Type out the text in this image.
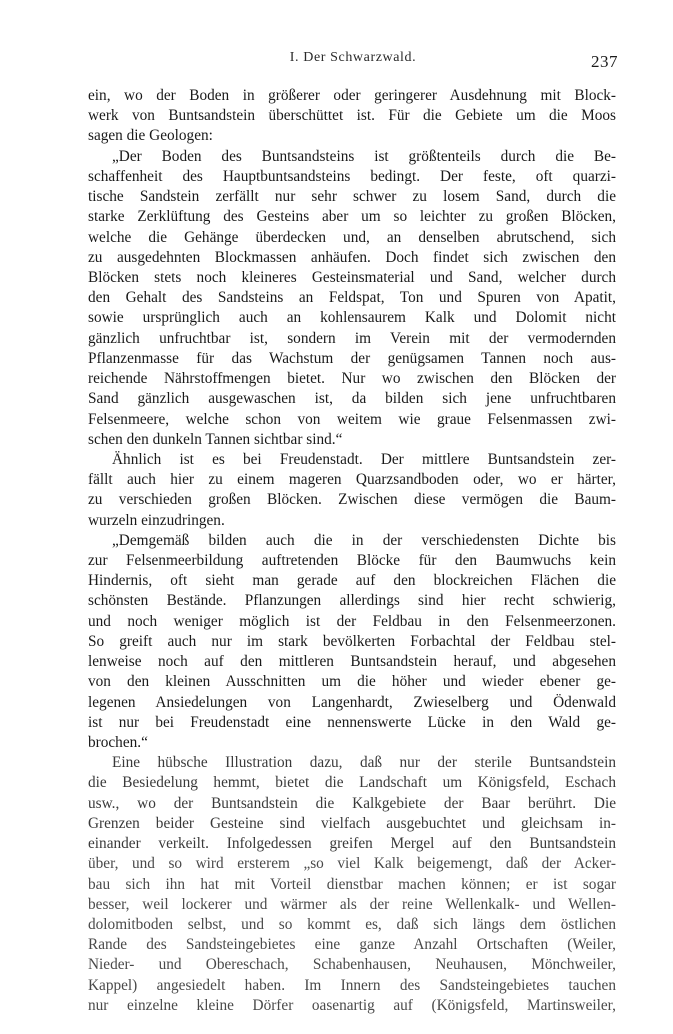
I. Der Schwarzwald.	237
ein, wo der Boden in größerer oder geringerer Ausdehnung mit Block-
werk von Buntsandstein überschüttet ist. Für die Gebiete um die Moos
sagen die Geologen:
„Der Boden des Buntsandsteins ist größtenteils durch die Be-
schaffenheit des Hauptbuntsandsteins bedingt. Der feste, oft quarzi-
tische Sandstein zerfällt nur sehr schwer zu losem Sand, durch die
starke Zerklüftung des Gesteins aber um so leichter zu großen Blöcken,
welche die Gehänge überdecken und, an denselben abrutschend, sich
zu ausgedehnten Blockmassen anhäufen. Doch findet sich zwischen den
Blöcken stets noch kleineres Gesteinsmaterial und Sand, welcher durch
den Gehalt des Sandsteins an Feldspat, Ton und Spuren von Apatit,
sowie ursprünglich auch an kohlensaurem Kalk und Dolomit nicht
gänzlich unfruchtbar ist, sondern im Verein mit der vermodernden
Pflanzenmasse für das Wachstum der genügsamen Tannen noch aus-
reichende Nährstoffmengen bietet. Nur wo zwischen den Blöcken der
Sand gänzlich ausgewaschen ist, da bilden sich jene unfruchtbaren
Felsenmeere, welche schon von weitem wie graue Felsenmassen zwi-
schen den dunkeln Tannen sichtbar sind.“
Ähnlich ist es bei Freudenstadt. Der mittlere Buntsandstein zer-
fällt auch hier zu einem mageren Quarzsandboden oder, wo er härter,
zu verschieden großen Blöcken. Zwischen diese vermögen die Baum-
wurzeln einzudringen.
„Demgemäß bilden auch die in der verschiedensten Dichte bis
zur Felsenmeerbildung auftretenden Blöcke für den Baumwuchs kein
Hindernis, oft sieht man gerade auf den blockreichen Flächen die
schönsten Bestände. Pflanzungen allerdings sind hier recht schwierig,
und noch weniger möglich ist der Feldbau in den Felsenmeerzonen.
So greift auch nur im stark bevölkerten Forbachtal der Feldbau stel-
lenweise noch auf den mittleren Buntsandstein herauf, und abgesehen
von den kleinen Ausschnitten um die höher und wieder ebener ge-
legenen Ansiedelungen von Langenhardt, Zwieselberg und Ödenwald
ist nur bei Freudenstadt eine nennenswerte Lücke in den Wald ge-
brochen.“
Eine hübsche Illustration dazu, daß nur der sterile Buntsandstein
die Besiedelung hemmt, bietet die Landschaft um Königsfeld, Eschach
usw., wo der Buntsandstein die Kalkgebiete der Baar berührt. Die
Grenzen beider Gesteine sind vielfach ausgebuchtet und gleichsam in-
einander verkeilt. Infolgedessen greifen Mergel auf den Buntsandstein
über, und so wird ersterem „so viel Kalk beigemengt, daß der Acker-
bau sich ihn hat mit Vorteil dienstbar machen können; er ist sogar
besser, weil lockerer und wärmer als der reine Wellenkalk- und Wellen-
dolomitboden selbst, und so kommt es, daß sich längs dem östlichen
Rande des Sandsteingebietes eine ganze Anzahl Ortschaften (Weiler,
Nieder- und Obereschach, Schabenhausen, Neuhausen, Mönchweiler,
Kappel) angesiedelt haben. Im Innern des Sandsteingebietes tauchen
nur einzelne kleine Dörfer oasenartig auf (Königsfeld, Martinsweiler,
